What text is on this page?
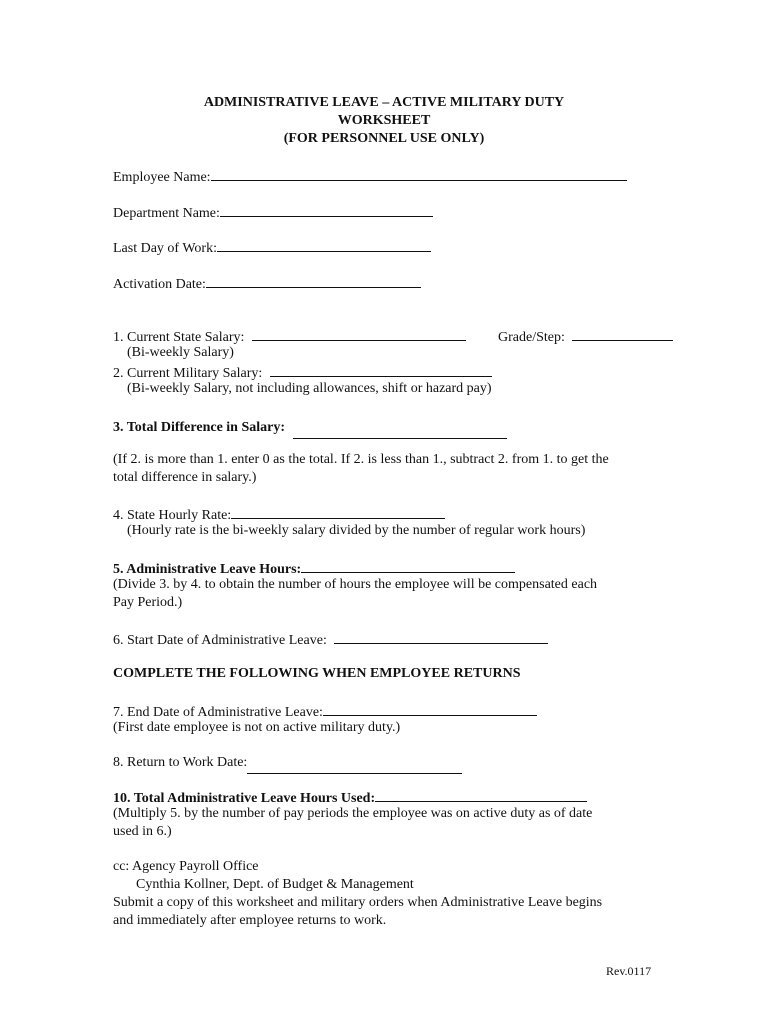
ADMINISTRATIVE LEAVE – ACTIVE MILITARY DUTY
WORKSHEET
(FOR PERSONNEL USE ONLY)
Employee Name:
Department Name:
Last Day of Work:
Activation Date:
1. Current State Salary:	Grade/Step:
(Bi-weekly Salary)
2. Current Military Salary:
(Bi-weekly Salary, not including allowances, shift or hazard pay)
3. Total Difference in Salary:
(If 2. is more than 1. enter 0 as the total. If 2. is less than 1., subtract 2. from 1. to get the
total difference in salary.)
4. State Hourly Rate:
(Hourly rate is the bi-weekly salary divided by the number of regular work hours)
5. Administrative Leave Hours:
(Divide 3. by 4. to obtain the number of hours the employee will be compensated each
Pay Period.)
6. Start Date of Administrative Leave:
COMPLETE THE FOLLOWING WHEN EMPLOYEE RETURNS
7. End Date of Administrative Leave:
(First date employee is not on active military duty.)
8. Return to Work Date:
10. Total Administrative Leave Hours Used:
(Multiply 5. by the number of pay periods the employee was on active duty as of date
used in 6.)
cc: Agency Payroll Office
Cynthia Kollner, Dept. of Budget & Management
Submit a copy of this worksheet and military orders when Administrative Leave begins
and immediately after employee returns to work.
Rev.0117
